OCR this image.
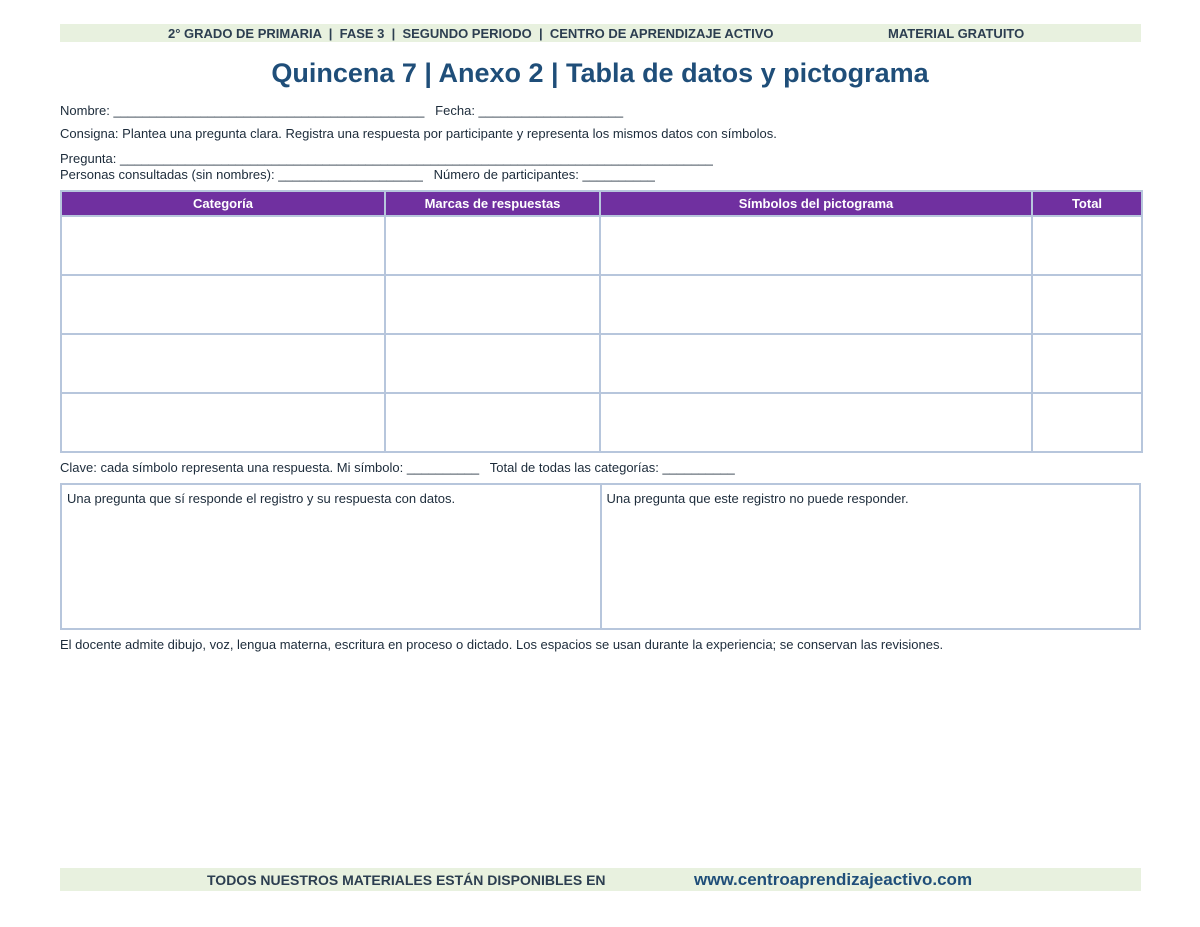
2° GRADO DE PRIMARIA  |  FASE 3  |  SEGUNDO PERIODO  |  CENTRO DE APRENDIZAJE ACTIVO	MATERIAL GRATUITO
Quincena 7 | Anexo 2 | Tabla de datos y pictograma
Nombre: ___________________________________________   Fecha: ____________________
Consigna: Plantea una pregunta clara. Registra una respuesta por participante y representa los mismos datos con símbolos.
Pregunta: __________________________________________________________________________________
Personas consultadas (sin nombres): ____________________   Número de participantes: __________
Categoría	Marcas de respuestas	Símbolos del pictograma	Total

Clave: cada símbolo representa una respuesta. Mi símbolo: __________   Total de todas las categorías: __________
Una pregunta que sí responde el registro y su respuesta con datos.	Una pregunta que este registro no puede responder.
El docente admite dibujo, voz, lengua materna, escritura en proceso o dictado. Los espacios se usan durante la experiencia; se conservan las revisiones.
TODOS NUESTROS MATERIALES ESTÁN DISPONIBLES EN	www.centroaprendizajeactivo.com
